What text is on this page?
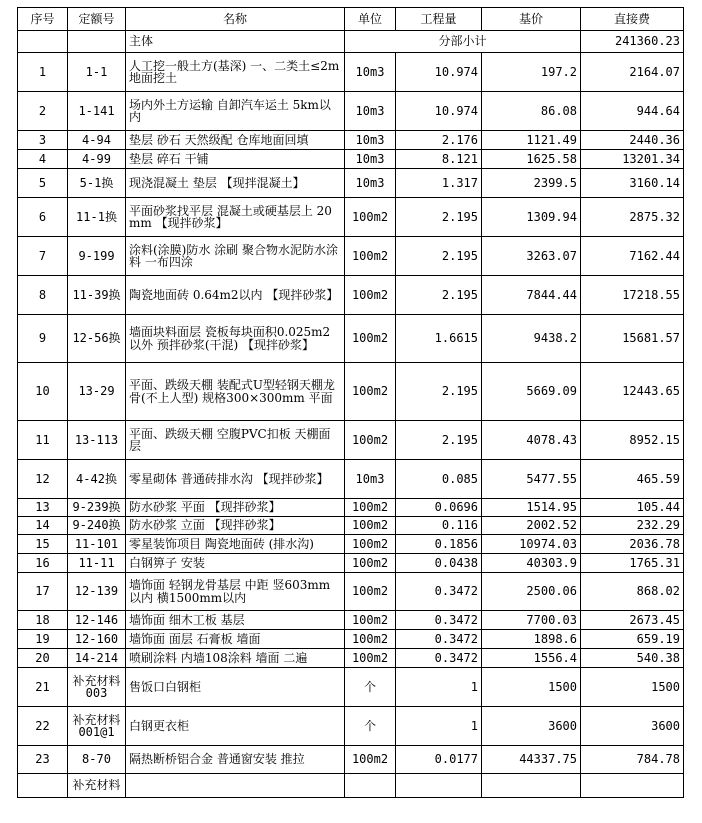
序号	定额号	名称	单位	工程量	基价	直接费
		主体	分部小计			241360.23
1	1-1	人工挖一般土方(基深) 一、二类土≤2m 地面挖土	10m3	10.974	197.2	2164.07
2	1-141	场内外土方运输 自卸汽车运土 5km以内	10m3	10.974	86.08	944.64
3	4-94	垫层 砂石 天然级配 仓库地面回填	10m3	2.176	1121.49	2440.36
4	4-99	垫层 碎石 干铺	10m3	8.121	1625.58	13201.34
5	5-1换	现浇混凝土 垫层 【现拌混凝土】	10m3	1.317	2399.5	3160.14
6	11-1换	平面砂浆找平层 混凝土或硬基层上 20mm 【现拌砂浆】	100m2	2.195	1309.94	2875.32
7	9-199	涂料(涂膜)防水 涂刷 聚合物水泥防水涂料 一布四涂	100m2	2.195	3263.07	7162.44
8	11-39换	陶瓷地面砖 0.64m2以内 【现拌砂浆】	100m2	2.195	7844.44	17218.55
9	12-56换	墙面块料面层 瓷板每块面积0.025m2以外 预拌砂浆(干混) 【现拌砂浆】	100m2	1.6615	9438.2	15681.57
10	13-29	平面、跌级天棚 装配式U型轻钢天棚龙骨(不上人型) 规格300×300mm 平面	100m2	2.195	5669.09	12443.65
11	13-113	平面、跌级天棚 空腹PVC扣板 天棚面层	100m2	2.195	4078.43	8952.15
12	4-42换	零星砌体 普通砖排水沟 【现拌砂浆】	10m3	0.085	5477.55	465.59
13	9-239换	防水砂浆 平面 【现拌砂浆】	100m2	0.0696	1514.95	105.44
14	9-240换	防水砂浆 立面 【现拌砂浆】	100m2	0.116	2002.52	232.29
15	11-101	零星装饰项目 陶瓷地面砖 (排水沟)	100m2	0.1856	10974.03	2036.78
16	11-11	白钢箅子 安装	100m2	0.0438	40303.9	1765.31
17	12-139	墙饰面 轻钢龙骨基层 中距 竖603mm以内 横1500mm以内	100m2	0.3472	2500.06	868.02
18	12-146	墙饰面 细木工板 基层	100m2	0.3472	7700.03	2673.45
19	12-160	墙饰面 面层 石膏板 墙面	100m2	0.3472	1898.6	659.19
20	14-214	喷刷涂料 内墙108涂料 墙面 二遍	100m2	0.3472	1556.4	540.38
21	补充材料003	售饭口白钢柜	个	1	1500	1500
22	补充材料001@1	白钢更衣柜	个	1	3600	3600
23	8-70	隔热断桥铝合金 普通窗安装 推拉	100m2	0.0177	44337.75	784.78
	补充材料					
